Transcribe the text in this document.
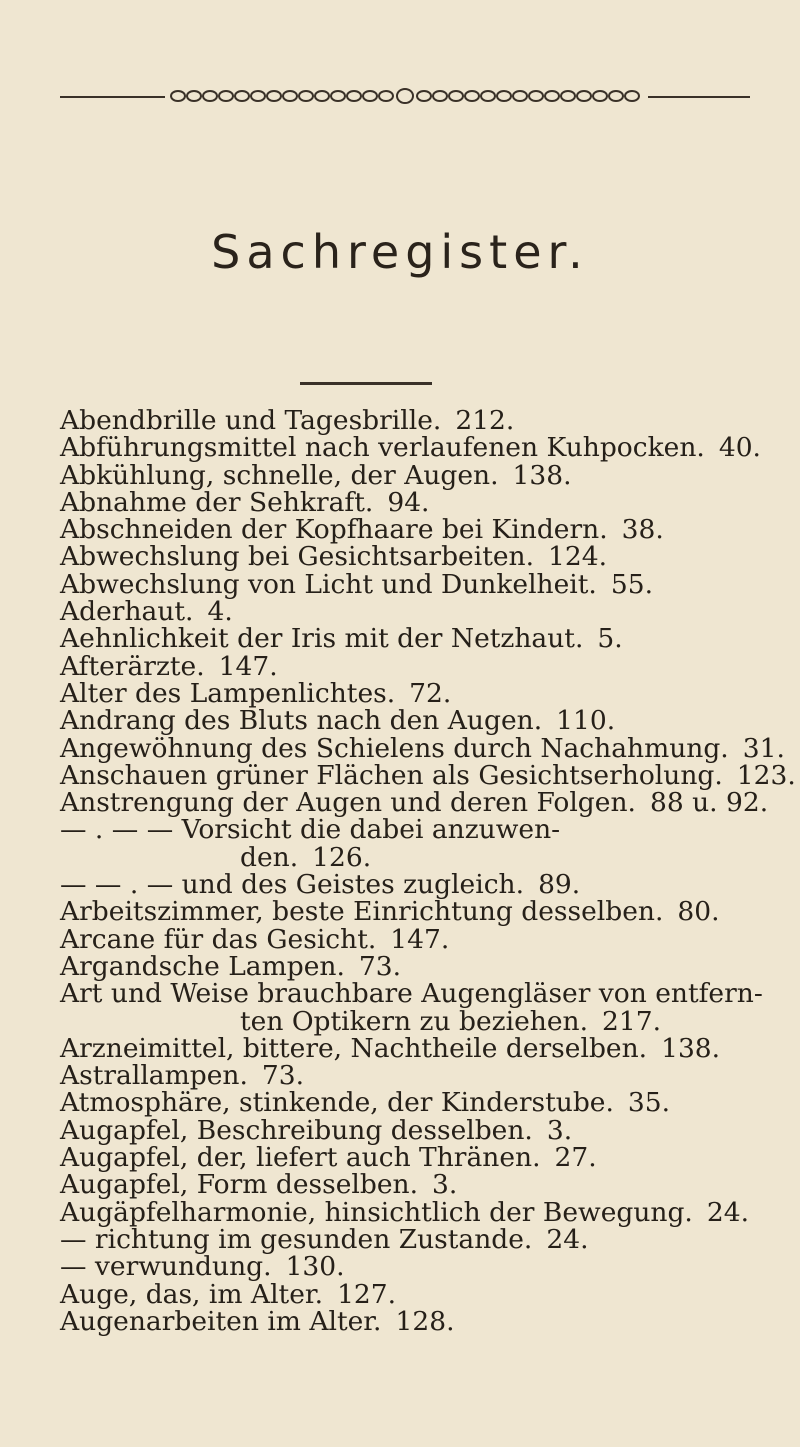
Sachregister.
Abendbrille und Tagesbrille. 212.
Abführungsmittel nach verlaufenen Kuhpocken. 40.
Abkühlung, schnelle, der Augen. 138.
Abnahme der Sehkraft. 94.
Abschneiden der Kopfhaare bei Kindern. 38.
Abwechslung bei Gesichtsarbeiten. 124.
Abwechslung von Licht und Dunkelheit. 55.
Aderhaut. 4.
Aehnlichkeit der Iris mit der Netzhaut. 5.
Afterärzte. 147.
Alter des Lampenlichtes. 72.
Andrang des Bluts nach den Augen. 110.
Angewöhnung des Schielens durch Nachahmung. 31.
Anschauen grüner Flächen als Gesichtserholung. 123.
Anstrengung der Augen und deren Folgen. 88 u. 92.
— . — — Vorsicht die dabei anzuwen-
den. 126.
— — . — und des Geistes zugleich. 89.
Arbeitszimmer, beste Einrichtung desselben. 80.
Arcane für das Gesicht. 147.
Argandsche Lampen. 73.
Art und Weise brauchbare Augengläser von entfern-
ten Optikern zu beziehen. 217.
Arzneimittel, bittere, Nachtheile derselben. 138.
Astrallampen. 73.
Atmosphäre, stinkende, der Kinderstube. 35.
Augapfel, Beschreibung desselben. 3.
Augapfel, der, liefert auch Thränen. 27.
Augapfel, Form desselben. 3.
Augäpfelharmonie, hinsichtlich der Bewegung. 24.
— richtung im gesunden Zustande. 24.
— verwundung. 130.
Auge, das, im Alter. 127.
Augenarbeiten im Alter. 128.
